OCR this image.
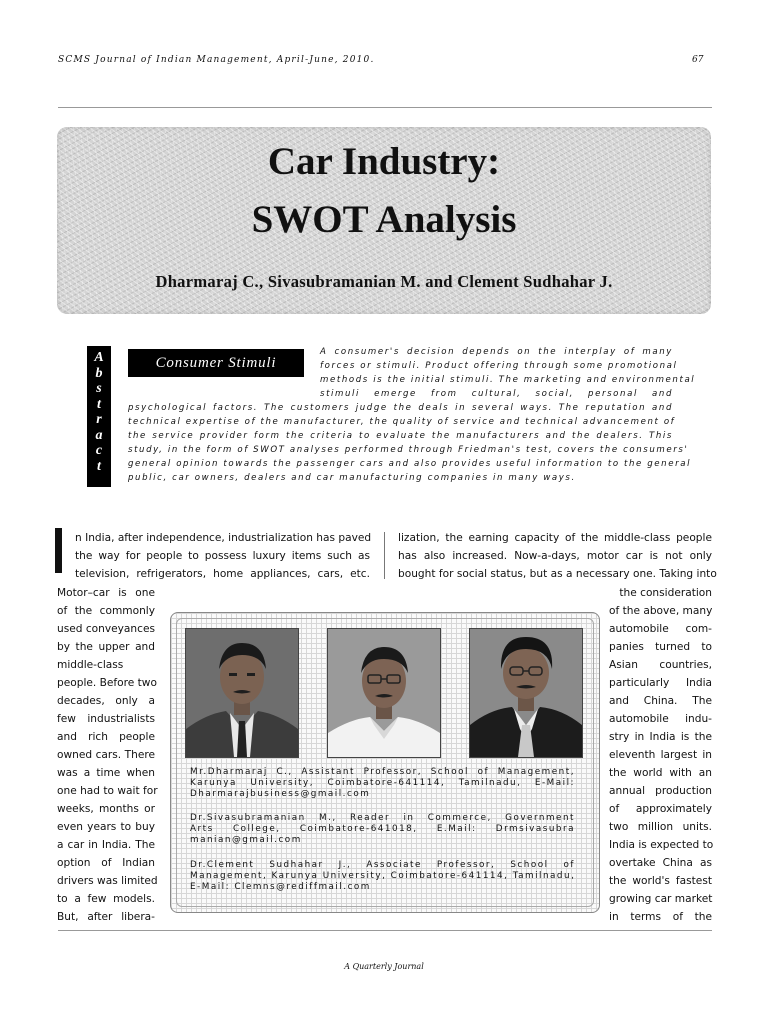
SCMS Journal of Indian Management, April-June, 2010.	67
Car Industry:
SWOT Analysis
Dharmaraj C., Sivasubramanian M. and Clement Sudhahar J.
A
b
s
t
r
a
c
t
Consumer Stimuli
A consumer's decision depends on the interplay of many
forces or stimuli. Product offering through some promotional
methods is the initial stimuli. The marketing and environmental
stimuli emerge from cultural, social, personal and
psychological factors. The customers judge the deals in several ways. The reputation and
technical expertise of the manufacturer, the quality of service and technical advancement of
the service provider form the criteria to evaluate the manufacturers and the dealers. This
study, in the form of SWOT analyses performed through Friedman's test, covers the consumers'
general opinion towards the passenger cars and also provides useful information to the general
public, car owners, dealers and car manufacturing companies in many ways.
n India, after independence, industrialization has paved
the way for people to possess luxury items such as
television, refrigerators, home appliances, cars, etc.
lization, the earning capacity of the middle-class people
has also increased. Now-a-days, motor car is not only
bought for social status, but as a necessary one. Taking into
Motor–car is one
of the commonly
used conveyances
by the upper and
middle-class
people. Before two
decades, only a
few industrialists
and rich people
owned cars. There
was a time when
one had to wait for
weeks, months or
even years to buy
a car in India. The
option of Indian
drivers was limited
to a few models.
But, after libera-
the consideration
of the above, many
automobile com-
panies turned to
Asian countries,
particularly India
and China. The
automobile indu-
stry in India is the
eleventh largest in
the world with an
annual production
of approximately
two million units.
India is expected to
overtake China as
the world's fastest
growing car market
in terms of the
Mr.Dharmaraj C., Assistant Professor, School of Management,
Karunya University, Coimbatore-641114, Tamilnadu, E-Mail:
Dharmarajbusiness@gmail.com
Dr.Sivasubramanian M., Reader in Commerce, Government
Arts College, Coimbatore-641018, E.Mail: Drmsivasubra
manian@gmail.com
Dr.Clement Sudhahar J., Associate Professor, School of
Management, Karunya University, Coimbatore-641114, Tamilnadu,
E-Mail: Clemns@rediffmail.com
A Quarterly Journal
